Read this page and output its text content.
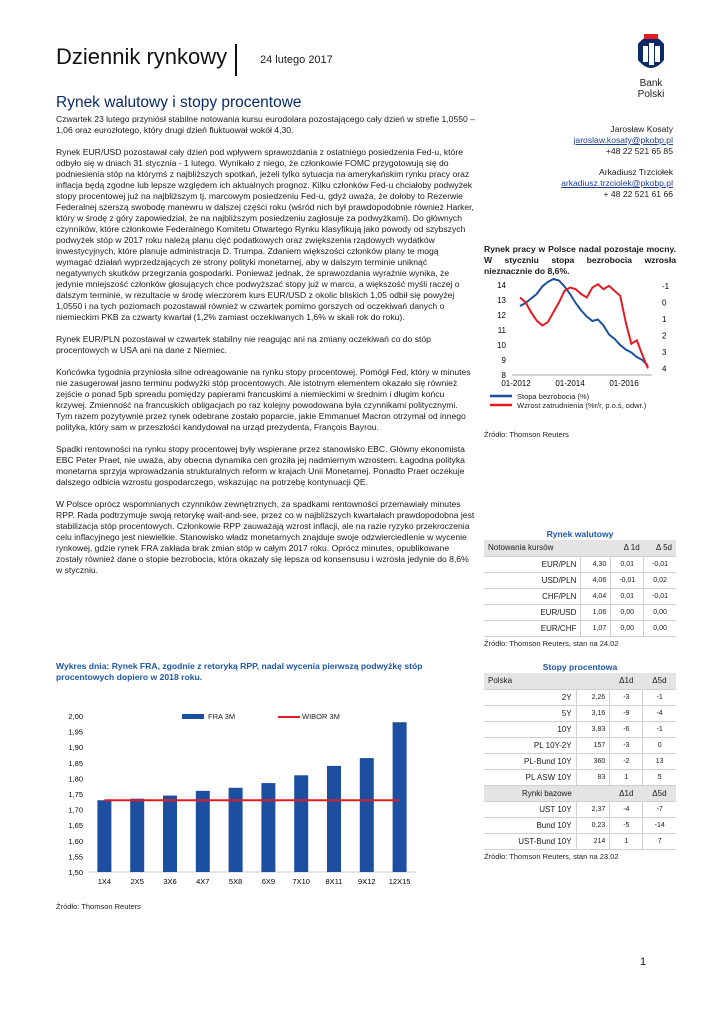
Dziennik rynkowy	24 lutego 2017
Bank Polski
Rynek walutowy i stopy procentowe

Czwartek 23 lutego przyniósł stabilne notowania kursu eurodolara pozostającego cały dzień w strefie 1,0550 – 1,06 oraz eurozłotego, który drugi dzień fluktuował wokół 4,30.

Rynek EUR/USD pozostawał cały dzień pod wpływem sprawozdania z ostatniego posiedzenia Fed-u, które odbyło się w dniach 31 stycznia - 1 lutego. Wynikało z niego, że członkowie FOMC przygotowują się do podniesienia stóp na którymś z najbliższych spotkań, jeżeli tylko sytuacja na amerykańskim rynku pracy oraz inflacja będą zgodne lub lepsze względem ich aktualnych prognoz. Kilku członków Fed-u chciałoby podwyżek stopy procentowej już na najbliższym tj. marcowym posiedzeniu Fed-u, gdyż uważa, że dołoby to Rezerwie Federalnej szerszą swobodę manewru w dalszej części roku (wśród nich był prawdopodobnie również Harker, który w środę z góry zapowiedział, że na najbliższym posiedzeniu zagłosuje za podwyżkami). Do głównych czynników, które członkowie Federalnego Komitetu Otwartego Rynku klasyfikują jako powody od szybszych podwyżek stóp w 2017 roku należą planu cięć podatkowych oraz zwiększenia rządowych wydatków inwestycyjnych, które planuje administracja D. Trumpa. Zdaniem większości członków plany te mogą wymagać działań wyprzedzających ze strony polityki monetarnej, aby w dalszym terminie uniknąć negatywnych skutków przegrzania gospodarki. Ponieważ jednak, że sprawozdania wyraźnie wynika, że jedynie mniejszość członków głosujących chce podwyższać stopy już w marcu, a większość myśli raczej o dalszym terminie, w rezultacie w środę wieczorem kurs EUR/USD z okolic bliskich 1,05 odbił się powyżej 1,0550 i na tych poziomach pozostawał również w czwartek pomimo gorszych od oczekiwań danych o niemieckim PKB za czwarty kwartał (1,2% zamiast oczekiwanych 1,6% w skali rok do roku).

Rynek EUR/PLN pozostawał w czwartek stabilny nie reagując ani na zmiany oczekiwań co do stóp procentowych w USA ani na dane z Niemiec.

Końcówka tygodnia przyniosła silne odreagowanie na rynku stopy procentowej. Pomógł Fed, który w minutes nie zasugerował jasno terminu podwyżki stóp procentowych. Ale istotnym elementem okazało się również zejście o ponad 5pb spreadu pomiędzy papierami francuskimi a niemieckimi w średnim i długim końcu krzywej. Zmienność na francuskich obligacjach po raz kolejny powodowana była czynnikami politycznymi. Tym razem pozytywnie przez rynek odebrane zostało poparcie, jakie Emmanuel Macron otrzymał od innego polityka, który sam w przeszłości kandydował na urząd prezydenta, François Bayrou.

Spadki rentowności na rynku stopy procentowej były wspierane przez stanowisko EBC. Główny ekonomista EBC Peter Praet, nie uważa, aby obecna dynamika cen groziła jej nadmiernym wzrostem. Łagodna polityka monetarna sprzyja wprowadzania strukturalnych reform w krajach Unii Monetarnej. Ponadto Praet oczekuje dalszego odbicia wzrostu gospodarczego, wskazując na potrzebę kontynuacji QE.

W Polsce oprócz wspomnianych czynników zewnętrznych, za spadkami rentowności przemawiały minutes RPP. Rada podtrzymuje swoją retorykę wait-and-see, przez co w najbliższych kwartałach prawdopodobna jest stabilizacja stóp procentowych. Członkowie RPP zauważają wzrost inflacji, ale na razie ryzyko przekroczenia celu inflacyjnego jest niewielkie. Stanowisko władz monetarnych znajduje swoje odzwierciedlenie w wycenie rynkowej, gdzie rynek FRA zakłada brak zmian stóp w całym 2017 roku. Oprócz minutes, opublikowane zostały również dane o stopie bezrobocia, która okazały się lepsza od konsensusu i wzrosła jedynie do 8,6% w styczniu.

Jarosław Kosaty
jaroslaw.kosaty@pkobp.pl
+48 22 521 65 85
Arkadiusz Trzciołek
arkadiusz.trzciolek@pkobp.pl
+ 48 22 521 61 66
Rynek pracy w Polsce nadal pozostaje mocny. W styczniu stopa bezrobocia wzrosła nieznacznie do 8,6%.
8
9
10
11
12
13
14	-1
0
1
2
3
4
01-2012	01-2014	01-2016
Stopa bezrobocia (%)
Wzrost zatrudnienia (%r/r, p.o.ś, odwr.)
Źródło: Thomson Reuters
Rynek walutowy
Notowania kursów		Δ 1d	Δ 5d
EUR/PLN	4,30	0,01	-0,01
USD/PLN	4,06	-0,01	0,02
CHF/PLN	4,04	0,01	-0,01
EUR/USD	1,06	0,00	0,00
EUR/CHF	1,07	0,00	0,00
Źródło: Thomson Reuters, stan na 24.02
Stopy procentowa
Polska		Δ1d	Δ5d
2Y	2,26	-3	-1
5Y	3,16	-9	-4
10Y	3,83	-6	-1
PL 10Y-2Y	157	-3	0
PL-Bund 10Y	360	-2	13
PL ASW 10Y	83	1	5
Rynki bazowe		Δ1d	Δ5d
UST 10Y	2,37	-4	-7
Bund 10Y	0,23	-5	-14
UST-Bund 10Y	214	1	7
Źródło: Thomson Reuters, stan na 23.02
Wykres dnia: Rynek FRA, zgodnie z retoryką RPP, nadal wycenia pierwszą podwyżkę stóp procentowych dopiero w 2018 roku.
1,50
1,55
1,60
1,65
1,70
1,75
1,80
1,85
1,90
1,95
2,00
1X4	2X5	3X6	4X7	5X8	6X9 7X10 8X11 9X12 12X15
FRA 3M	WIBOR 3M
Źródło: Thomson Reuters
1
